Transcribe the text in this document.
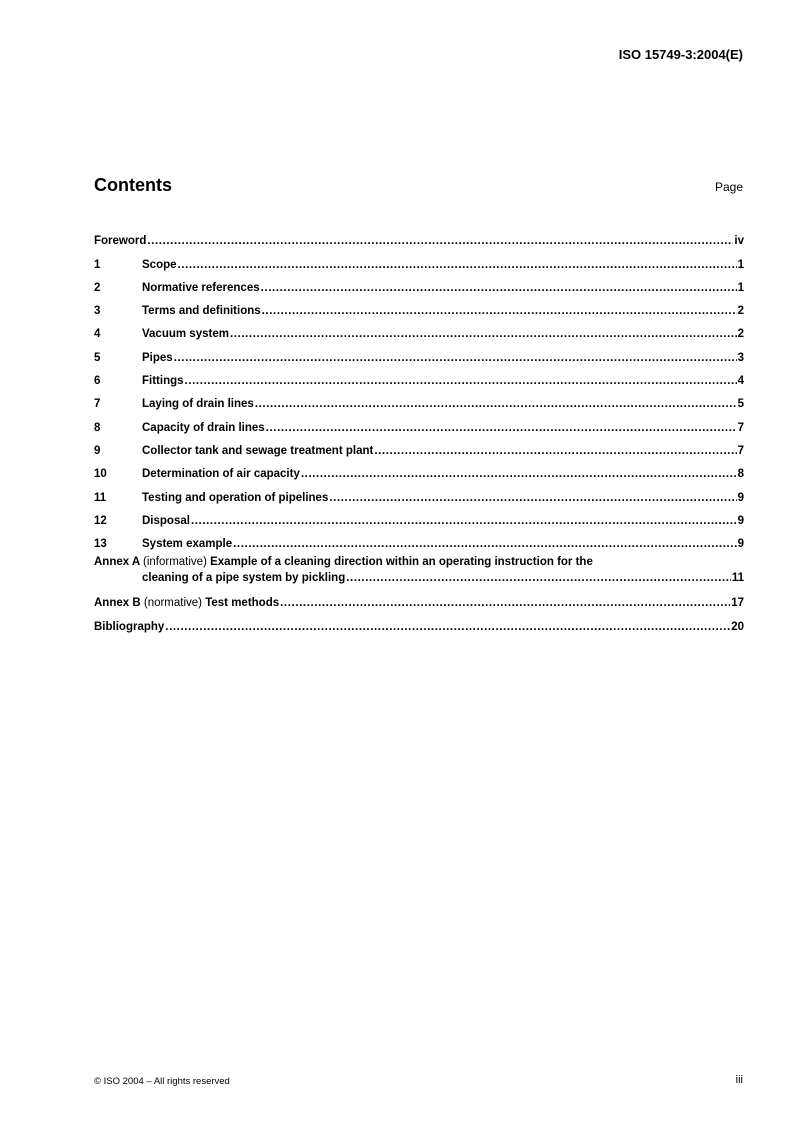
ISO 15749-3:2004(E)
Contents	Page
Foreword .....	iv
1	Scope .....	1
2	Normative references .....	1
3	Terms and definitions .....	2
4	Vacuum system .....	2
5	Pipes .....	3
6	Fittings .....	4
7	Laying of drain lines .....	5
8	Capacity of drain lines .....	7
9	Collector tank and sewage treatment plant .....	7
10	Determination of air capacity .....	8
11	Testing and operation of pipelines .....	9
12	Disposal .....	9
13	System example .....	9
Annex A (informative) Example of a cleaning direction within an operating instruction for the
cleaning of a pipe system by pickling .....	11
Annex B (normative) Test methods .....	17
Bibliography .....	20
© ISO 2004 – All rights reserved	iii
